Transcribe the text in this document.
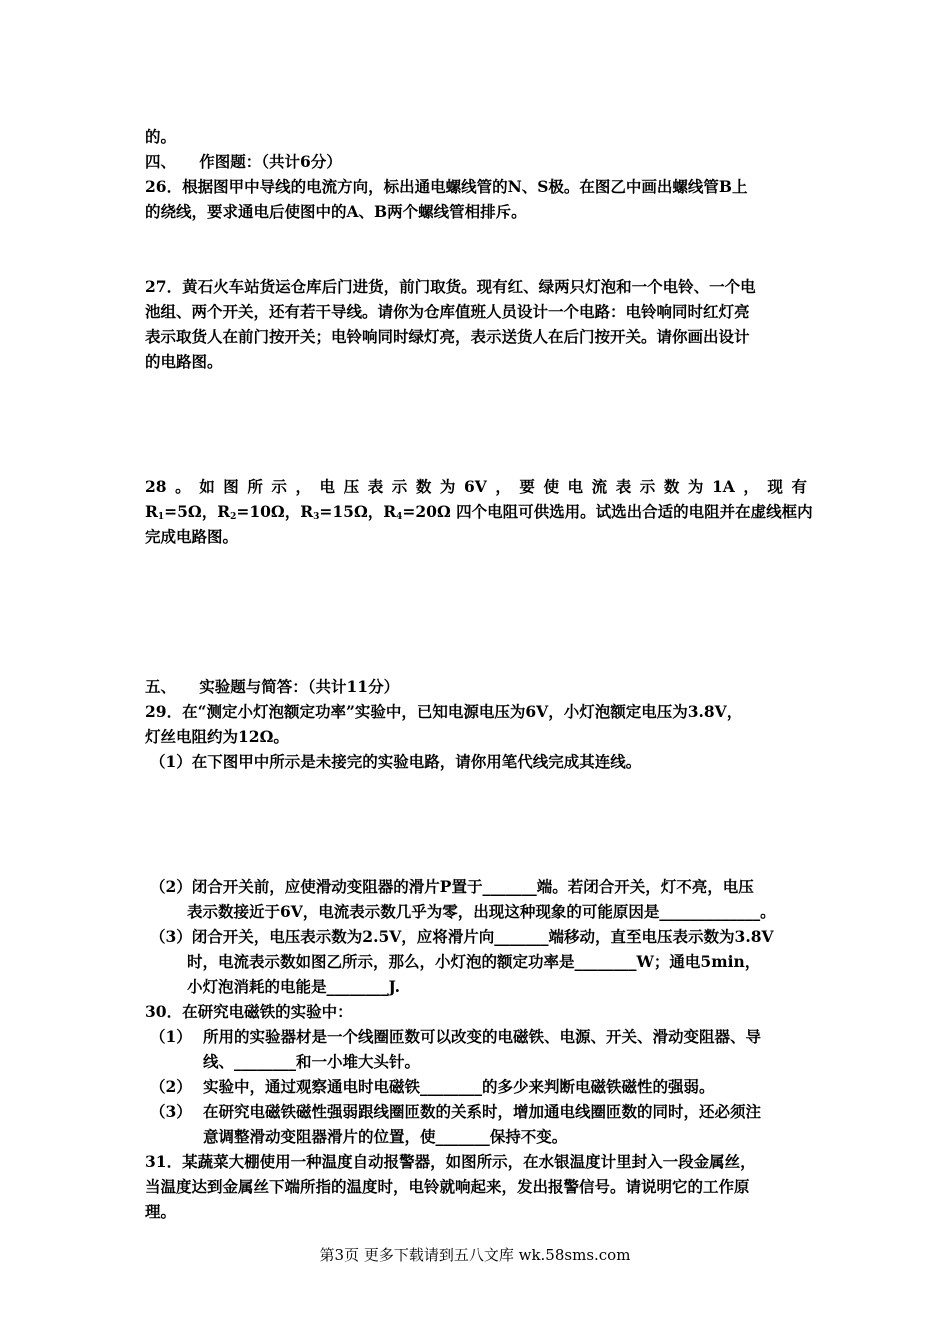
的。
四、　　作图题：（共计6分）
26．根据图甲中导线的电流方向，标出通电螺线管的N、S极。在图乙中画出螺线管B上
的绕线，要求通电后使图中的A、B两个螺线管相排斥。
27．黄石火车站货运仓库后门进货，前门取货。现有红、绿两只灯泡和一个电铃、一个电
池组、两个开关，还有若干导线。请你为仓库值班人员设计一个电路：电铃响同时红灯亮
表示取货人在前门按开关；电铃响同时绿灯亮，表示送货人在后门按开关。请你画出设计
的电路图。
28。如图所示，电压表示数为6V，要使电流表示数为1A，现有
$R_1=5\Omega$，$R_2=10\Omega$，$R_3=15\Omega$，$R_4=20\Omega$ 四个电阻可供选用。试选出合适的电阻并在虚线框内
完成电路图。
五、　　实验题与简答：（共计11分）
29．在“测定小灯泡额定功率”实验中，已知电源电压为6V，小灯泡额定电压为3.8V，
灯丝电阻约为12Ω。
（1）在下图甲中所示是未接完的实验电路，请你用笔代线完成其连线。
（2）闭合开关前，应使滑动变阻器的滑片P置于_______端。若闭合开关，灯不亮，电压
表示数接近于6V，电流表示数几乎为零，出现这种现象的可能原因是_____________。
（3）闭合开关，电压表示数为2.5V，应将滑片向_______端移动，直至电压表示数为3.8V
时，电流表示数如图乙所示，那么，小灯泡的额定功率是________W；通电5min，
小灯泡消耗的电能是________J.
30．在研究电磁铁的实验中：
（1） 所用的实验器材是一个线圈匝数可以改变的电磁铁、电源、开关、滑动变阻器、导
线、________和一小堆大头针。
（2） 实验中，通过观察通电时电磁铁________的多少来判断电磁铁磁性的强弱。
（3） 在研究电磁铁磁性强弱跟线圈匝数的关系时，增加通电线圈匝数的同时，还必须注
意调整滑动变阻器滑片的位置，使_______保持不变。
31．某蔬菜大棚使用一种温度自动报警器，如图所示，在水银温度计里封入一段金属丝，
当温度达到金属丝下端所指的温度时，电铃就响起来，发出报警信号。请说明它的工作原
理。
第3页 更多下载请到五八文库 wk.58sms.com
